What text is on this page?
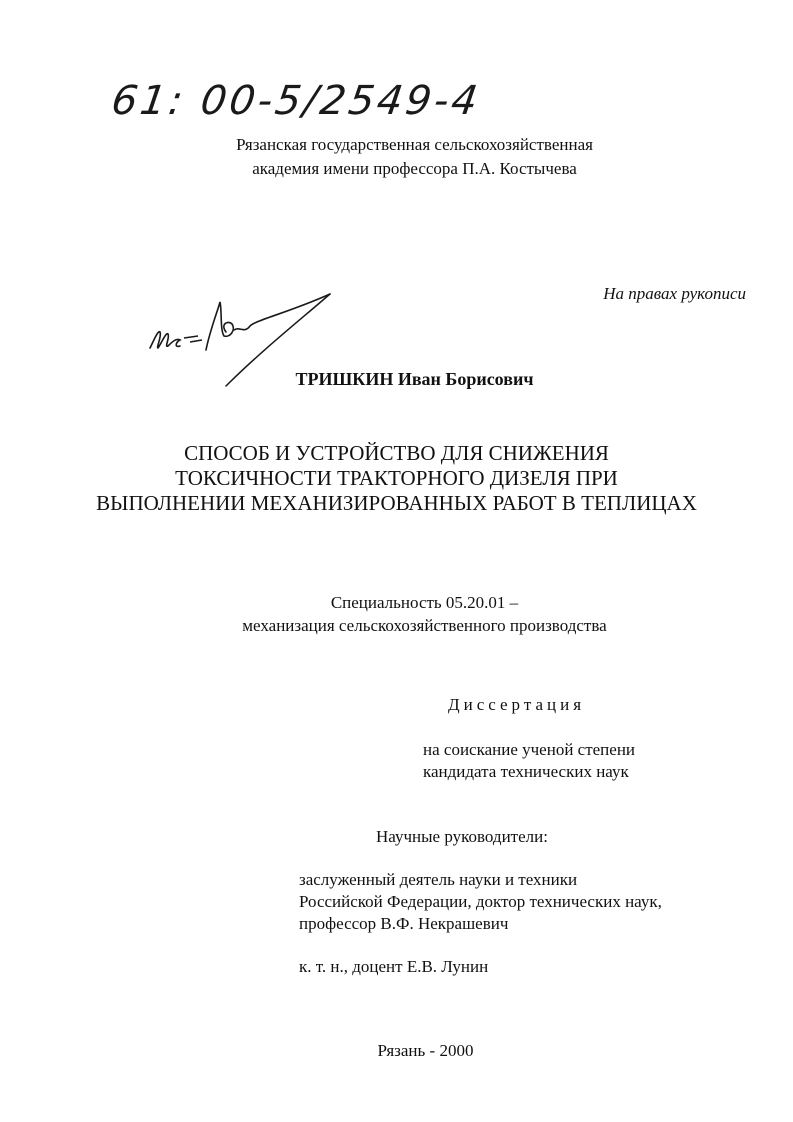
61: 00-5/2549-4
Рязанская государственная сельскохозяйственная
академия имени профессора П.А. Костычева
На правах рукописи
ТРИШКИН Иван Борисович
СПОСОБ И УСТРОЙСТВО ДЛЯ СНИЖЕНИЯ
ТОКСИЧНОСТИ ТРАКТОРНОГО ДИЗЕЛЯ ПРИ
ВЫПОЛНЕНИИ МЕХАНИЗИРОВАННЫХ РАБОТ В ТЕПЛИЦАХ
Специальность 05.20.01 –
механизация сельскохозяйственного производства
Диссертация
на соискание ученой степени
кандидата технических наук
Научные руководители:
заслуженный деятель науки и техники
Российской Федерации, доктор технических наук,
профессор В.Ф. Некрашевич
к. т. н., доцент Е.В. Лунин
Рязань - 2000
